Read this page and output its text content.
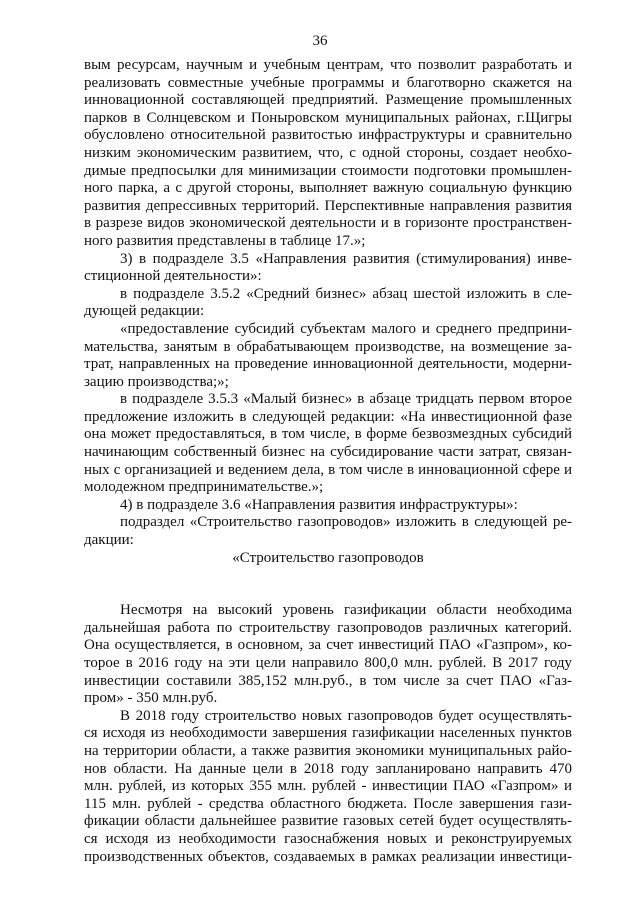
36
вым ресурсам, научным и учебным центрам, что позволит разработать и
реализовать совместные учебные программы и благотворно скажется на
инновационной составляющей предприятий. Размещение промышленных
парков в Солнцевском и Поныровском муниципальных районах, г.Щигры
обусловлено относительной развитостью инфраструктуры и сравнительно
низким экономическим развитием, что, с одной стороны, создает необхо-
димые предпосылки для минимизации стоимости подготовки промышлен-
ного парка, а с другой стороны, выполняет важную социальную функцию
развития депрессивных территорий. Перспективные направления развития
в разрезе видов экономической деятельности и в горизонте пространствен-
ного развития представлены в таблице 17.»;
3) в подразделе 3.5 «Направления развития (стимулирования) инве-
стиционной деятельности»:
в подразделе 3.5.2 «Средний бизнес» абзац шестой изложить в сле-
дующей редакции:
«предоставление субсидий субъектам малого и среднего предприни-
мательства, занятым в обрабатывающем производстве, на возмещение за-
трат, направленных на проведение инновационной деятельности, модерни-
зацию производства;»;
в подразделе 3.5.3 «Малый бизнес» в абзаце тридцать первом второе
предложение изложить в следующей редакции: «На инвестиционной фазе
она может предоставляться, в том числе, в форме безвозмездных субсидий
начинающим собственный бизнес на субсидирование части затрат, связан-
ных с организацией и ведением дела, в том числе в инновационной сфере и
молодежном предпринимательстве.»;
4) в подразделе 3.6 «Направления развития инфраструктуры»:
подраздел «Строительство газопроводов» изложить в следующей ре-
дакции:
«Строительство газопроводов
Несмотря на высокий уровень газификации области необходима
дальнейшая работа по строительству газопроводов различных категорий.
Она осуществляется, в основном, за счет инвестиций ПАО «Газпром», ко-
торое в 2016 году на эти цели направило 800,0 млн. рублей. В 2017 году
инвестиции составили 385,152 млн.руб., в том числе за счет ПАО «Газ-
пром» - 350 млн.руб.
В 2018 году строительство новых газопроводов будет осуществлять-
ся исходя из необходимости завершения газификации населенных пунктов
на территории области, а также развития экономики муниципальных райо-
нов области. На данные цели в 2018 году запланировано направить 470
млн. рублей, из которых 355 млн. рублей - инвестиции ПАО «Газпром» и
115 млн. рублей - средства областного бюджета. После завершения гази-
фикации области дальнейшее развитие газовых сетей будет осуществлять-
ся исходя из необходимости газоснабжения новых и реконструируемых
производственных объектов, создаваемых в рамках реализации инвестици-
